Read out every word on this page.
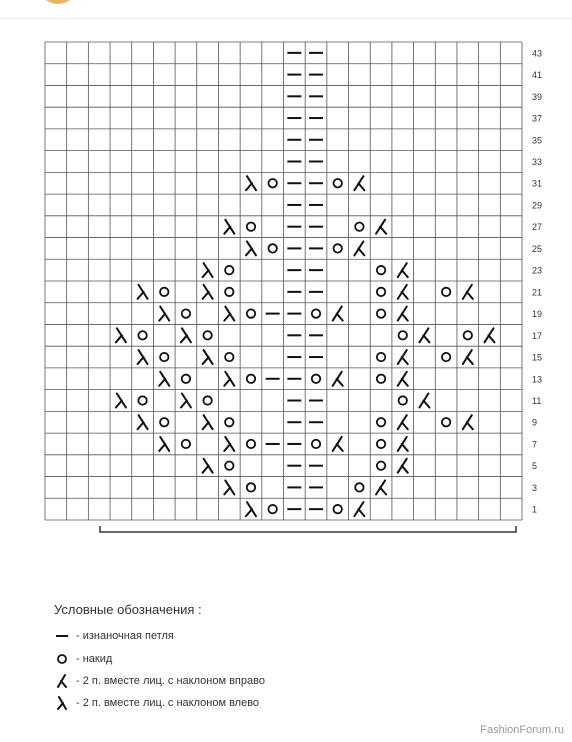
43
41
39
37
35
33
31
29
27
25
23
21
19
17
15
13
11
9
7
5
3
1
Условные обозначения :
- изнаночная петля
- накид
- 2 п. вместе лиц. с наклоном вправо
- 2 п. вместе лиц. с наклоном влево
FashionForum.ru
